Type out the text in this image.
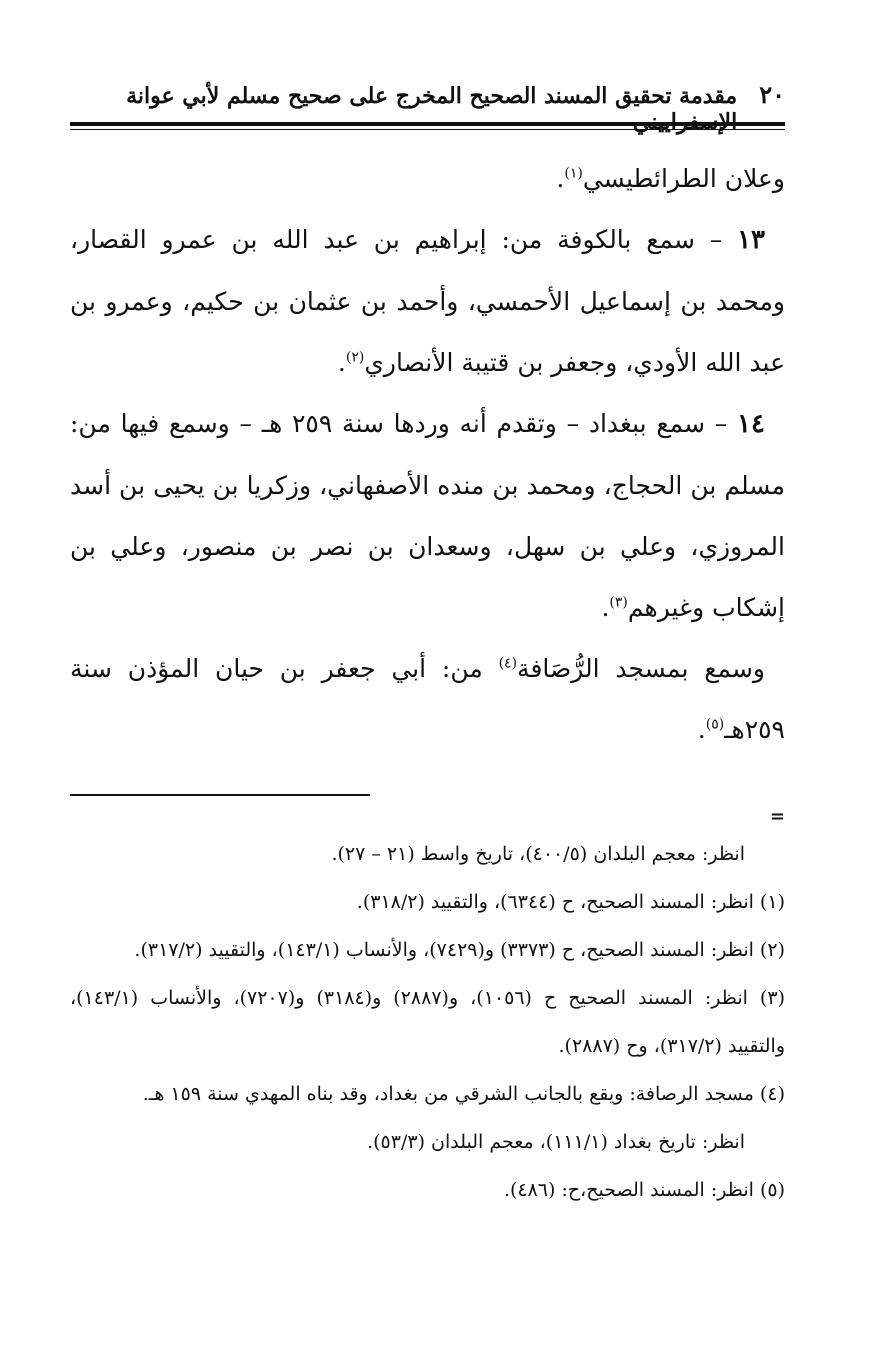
٢٠
مقدمة تحقيق المسند الصحيح المخرج على صحيح مسلم لأبي عوانة الإسفراييني

وعلان الطرائطيسي$^{(١)}$.

١٣ – سمع بالكوفة من: إبراهيم بن عبد الله بن عمرو القصار، ومحمد بن إسماعيل الأحمسي، وأحمد بن عثمان بن حكيم، وعمرو بن عبد الله الأودي، وجعفر بن قتيبة الأنصاري$^{(٢)}$.

١٤ – سمع ببغداد – وتقدم أنه وردها سنة ٢٥٩ هـ – وسمع فيها من: مسلم بن الحجاج، ومحمد بن منده الأصفهاني، وزكريا بن يحيى بن أسد المروزي، وعلي بن سهل، وسعدان بن نصر بن منصور، وعلي بن إشكاب وغيرهم$^{(٣)}$.

وسمع بمسجد الرُّصَافة$^{(٤)}$ من: أبي جعفر بن حيان المؤذن سنة ٢٥٩هـ$^{(٥)}$.

=

انظر: معجم البلدان (٤٠٠/٥)، تاريخ واسط (٢١ – ٢٧).

(١) انظر: المسند الصحيح، ح (٦٣٤٤)، والتقييد (٣١٨/٢).

(٢) انظر: المسند الصحيح، ح (٣٣٧٣) و(٧٤٢٩)، والأنساب (١٤٣/١)، والتقييد (٣١٧/٢).

(٣) انظر: المسند الصحيح ح (١٠٥٦)، و(٢٨٨٧) و(٣١٨٤) و(٧٢٠٧)، والأنساب (١٤٣/١)، والتقييد (٣١٧/٢)، وح (٢٨٨٧).

(٤) مسجد الرصافة: ويقع بالجانب الشرقي من بغداد، وقد بناه المهدي سنة ١٥٩ هـ.

انظر: تاريخ بغداد (١١١/١)، معجم البلدان (٥٣/٣).

(٥) انظر: المسند الصحيح،ح: (٤٨٦).
